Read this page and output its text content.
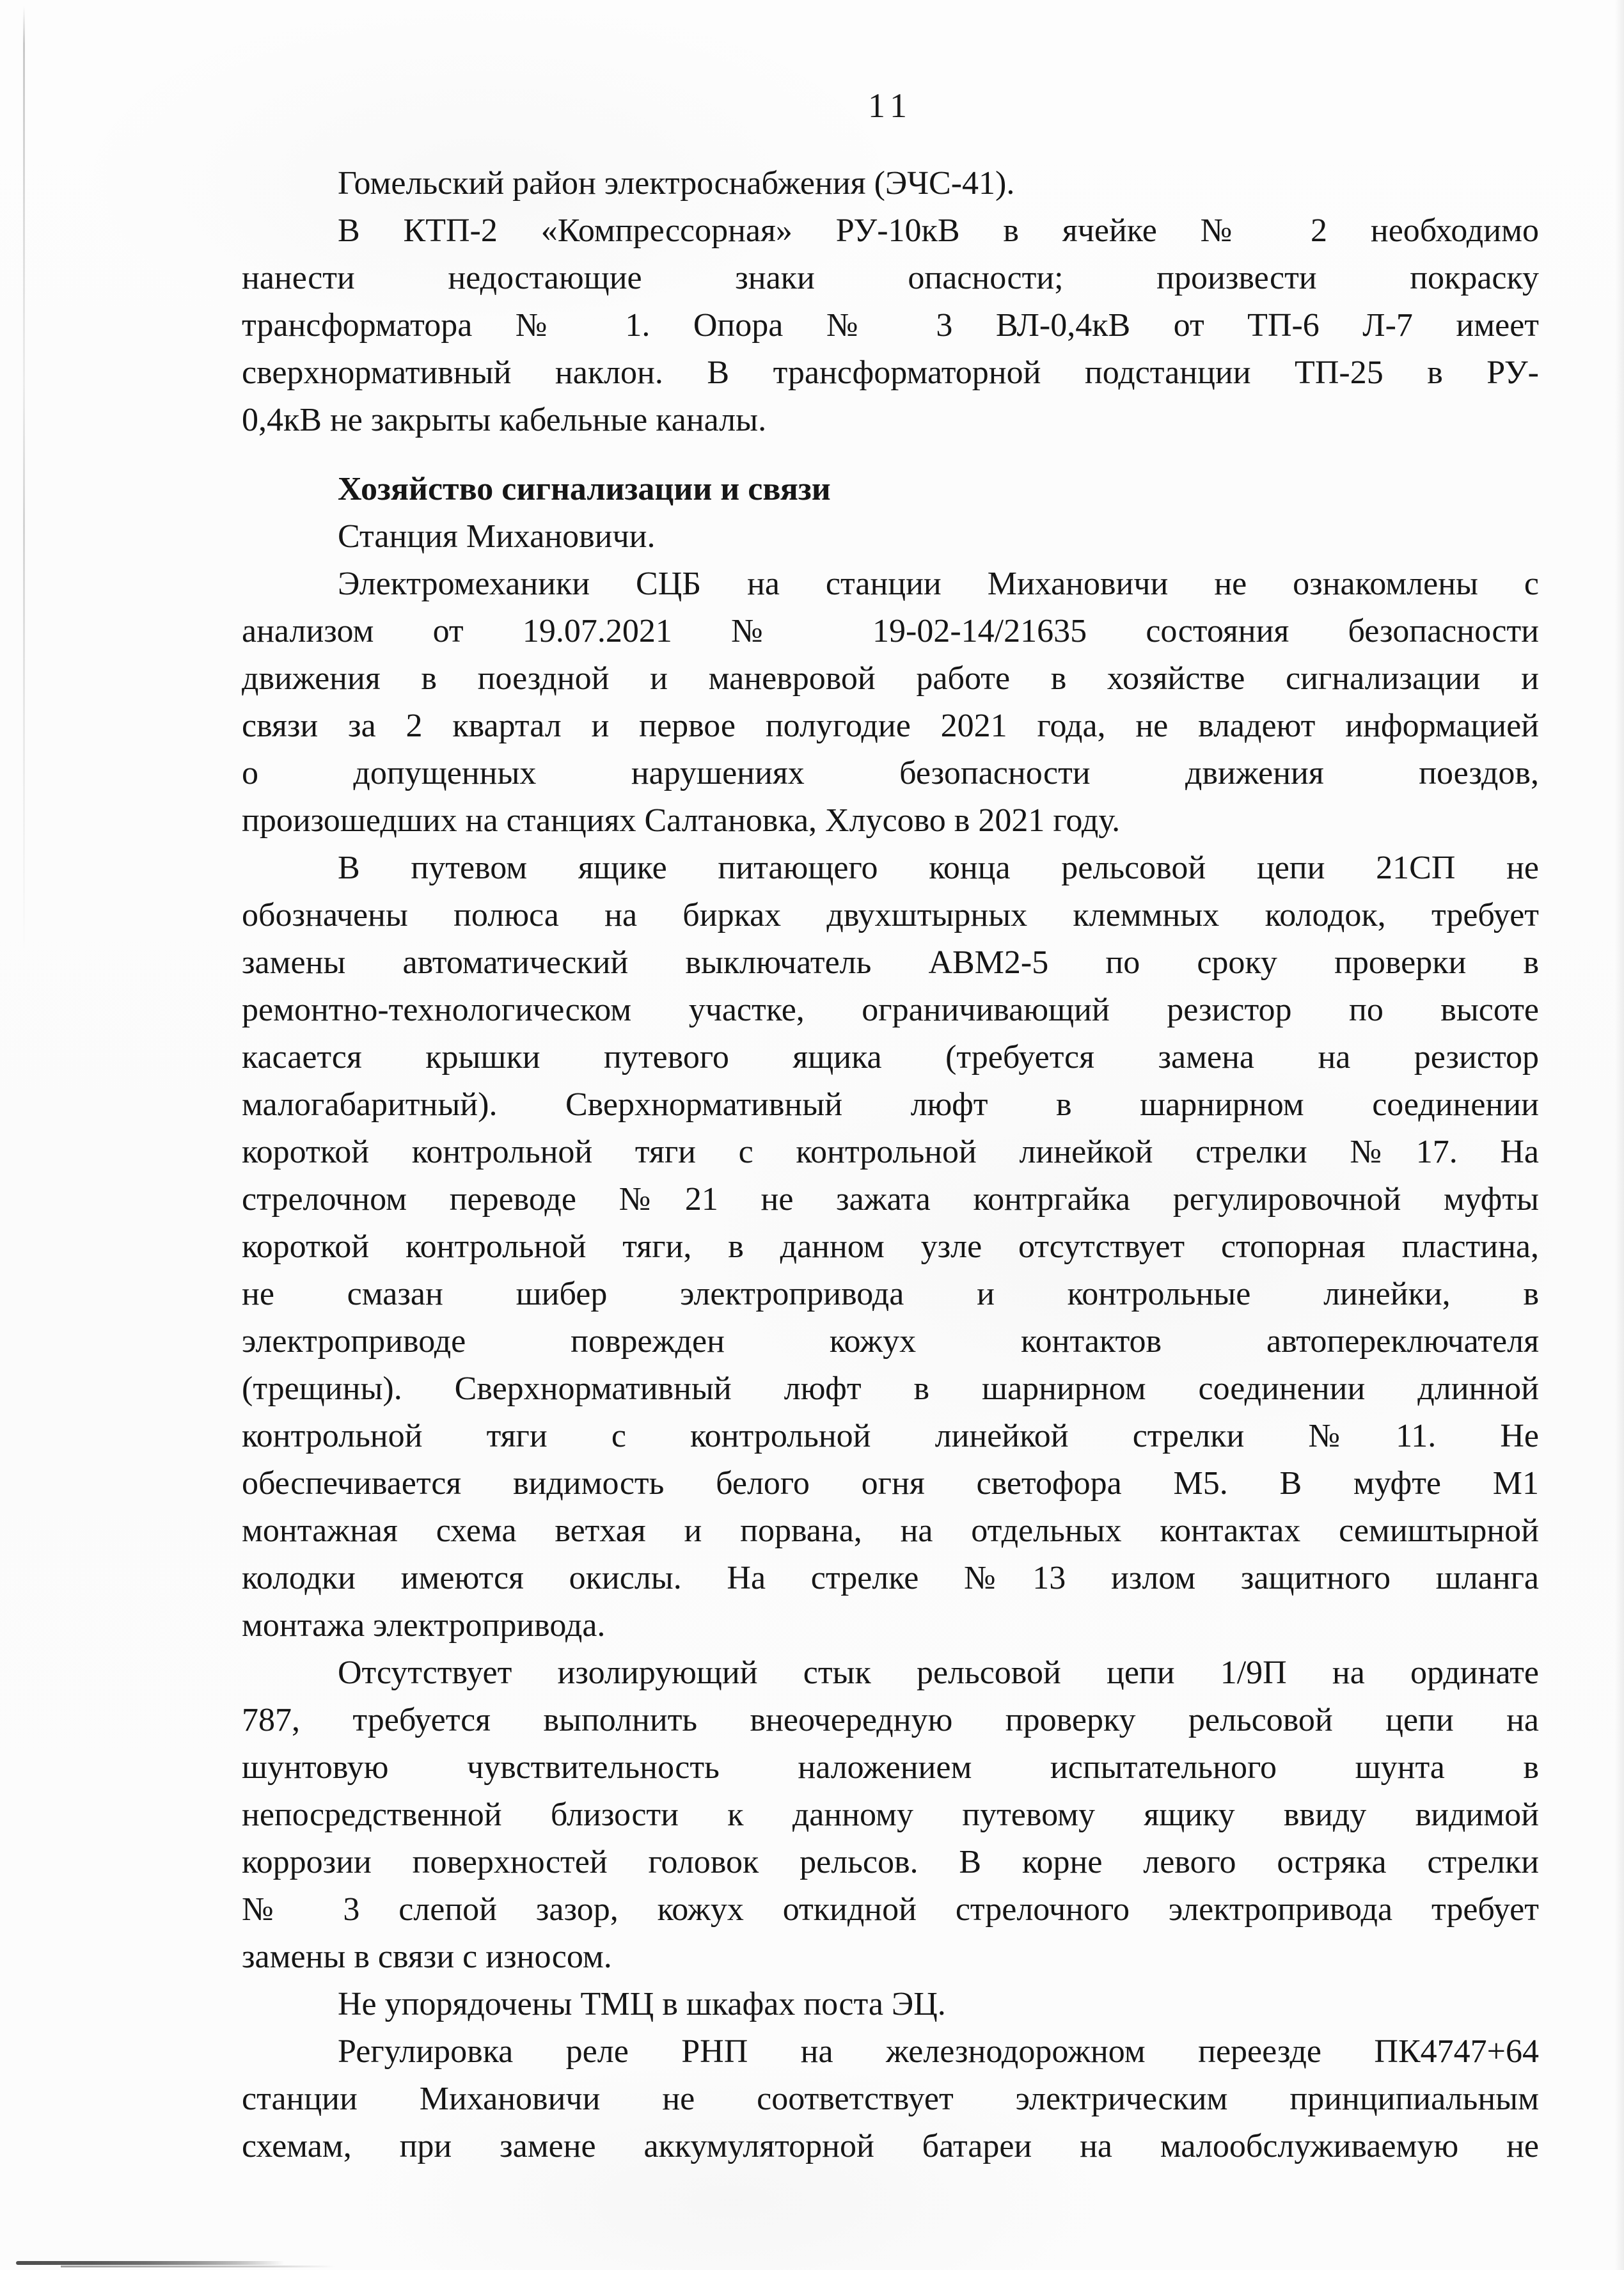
11
Гомельский район электроснабжения (ЭЧС-41).
В КТП-2 «Компрессорная» РУ-10кВ в ячейке № 2 необходимо
нанести недостающие знаки опасности; произвести покраску
трансформатора № 1. Опора № 3 ВЛ-0,4кВ от ТП-6 Л-7 имеет
сверхнормативный наклон. В трансформаторной подстанции ТП-25 в РУ-
0,4кВ не закрыты кабельные каналы.
Хозяйство сигнализации и связи
Станция Михановичи.
Электромеханики СЦБ на станции Михановичи не ознакомлены с
анализом от 19.07.2021 № 19-02-14/21635 состояния безопасности
движения в поездной и маневровой работе в хозяйстве сигнализации и
связи за 2 квартал и первое полугодие 2021 года, не владеют информацией
о допущенных нарушениях безопасности движения поездов,
произошедших на станциях Салтановка, Хлусово в 2021 году.
В путевом ящике питающего конца рельсовой цепи 21СП не
обозначены полюса на бирках двухштырных клеммных колодок, требует
замены автоматический выключатель АВМ2-5 по сроку проверки в
ремонтно-технологическом участке, ограничивающий резистор по высоте
касается крышки путевого ящика (требуется замена на резистор
малогабаритный). Сверхнормативный люфт в шарнирном соединении
короткой контрольной тяги с контрольной линейкой стрелки №17. На
стрелочном переводе №21 не зажата контргайка регулировочной муфты
короткой контрольной тяги, в данном узле отсутствует стопорная пластина,
не смазан шибер электропривода и контрольные линейки, в
электроприводе поврежден кожух контактов автопереключателя
(трещины). Сверхнормативный люфт в шарнирном соединении длинной
контрольной тяги с контрольной линейкой стрелки №11. Не
обеспечивается видимость белого огня светофора М5. В муфте М1
монтажная схема ветхая и порвана, на отдельных контактах семиштырной
колодки имеются окислы. На стрелке №13 излом защитного шланга
монтажа электропривода.
Отсутствует изолирующий стык рельсовой цепи 1/9П на ординате
787, требуется выполнить внеочередную проверку рельсовой цепи на
шунтовую чувствительность наложением испытательного шунта в
непосредственной близости к данному путевому ящику ввиду видимой
коррозии поверхностей головок рельсов. В корне левого остряка стрелки
№ 3 слепой зазор, кожух откидной стрелочного электропривода требует
замены в связи с износом.
Не упорядочены ТМЦ в шкафах поста ЭЦ.
Регулировка реле РНП на железнодорожном переезде ПК4747+64
станции Михановичи не соответствует электрическим принципиальным
схемам, при замене аккумуляторной батареи на малообслуживаемую не
